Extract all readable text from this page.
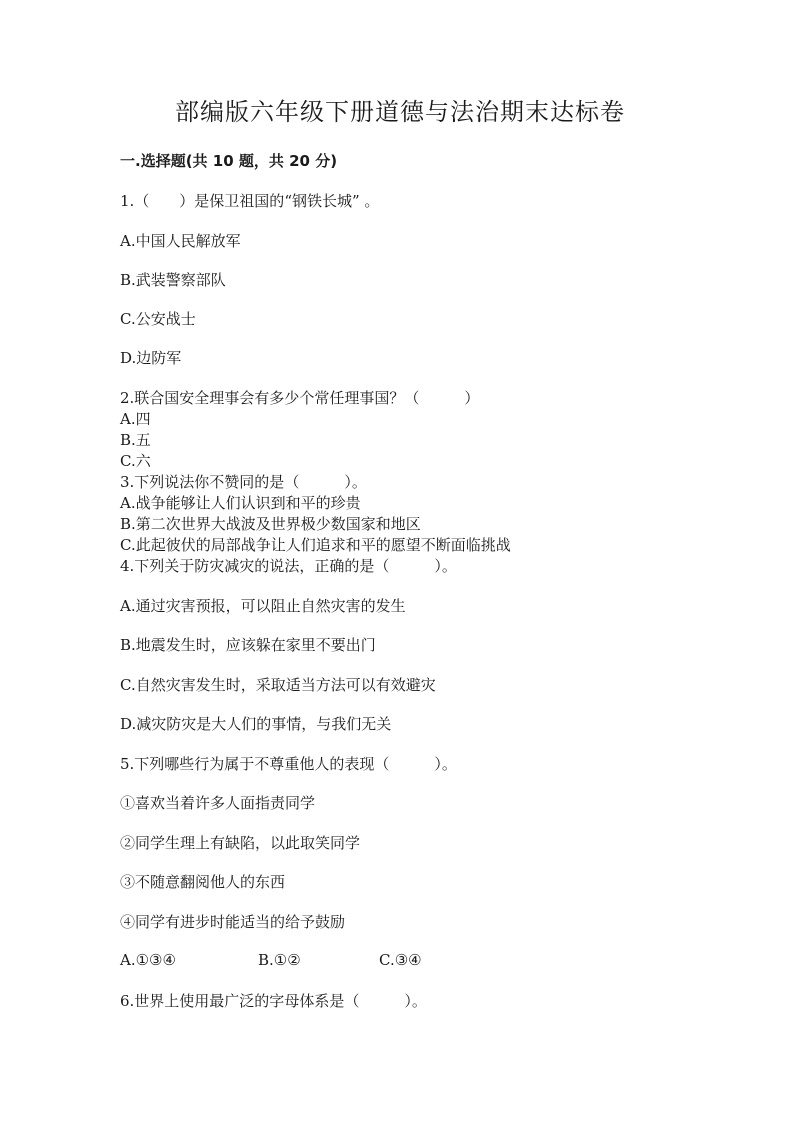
部编版六年级下册道德与法治期末达标卷
一.选择题(共 10 题，共 20 分)
1.（　　）是保卫祖国的“钢铁长城” 。
A.中国人民解放军
B.武装警察部队
C.公安战士
D.边防军
2.联合国安全理事会有多少个常任理事国？（　　　）
A.四
B.五
C.六
3.下列说法你不赞同的是（　　　）。
A.战争能够让人们认识到和平的珍贵
B.第二次世界大战波及世界极少数国家和地区
C.此起彼伏的局部战争让人们追求和平的愿望不断面临挑战
4.下列关于防灾减灾的说法，正确的是（　　　）。
A.通过灾害预报，可以阻止自然灾害的发生
B.地震发生时，应该躲在家里不要出门
C.自然灾害发生时，采取适当方法可以有效避灾
D.减灾防灾是大人们的事情，与我们无关
5.下列哪些行为属于不尊重他人的表现（　　　）。
①喜欢当着许多人面指责同学
②同学生理上有缺陷，以此取笑同学
③不随意翻阅他人的东西
④同学有进步时能适当的给予鼓励
A.①③④	B.①②	C.③④
6.世界上使用最广泛的字母体系是（　　　）。
